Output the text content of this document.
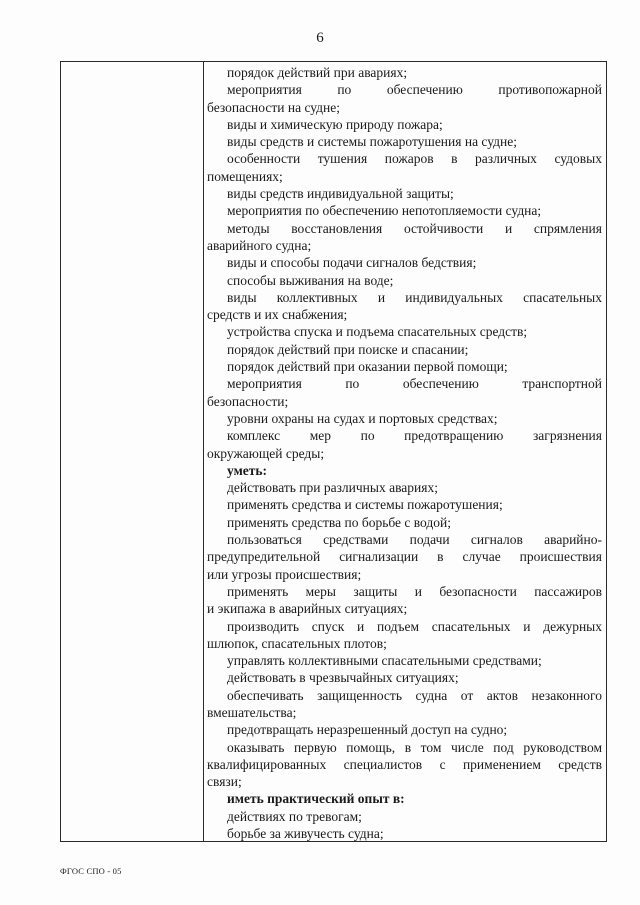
6
порядок действий при авариях;
мероприятия по обеспечению противопожарной
безопасности на судне;
виды и химическую природу пожара;
виды средств и системы пожаротушения на судне;
особенности тушения пожаров в различных судовых
помещениях;
виды средств индивидуальной защиты;
мероприятия по обеспечению непотопляемости судна;
методы восстановления остойчивости и спрямления
аварийного судна;
виды и способы подачи сигналов бедствия;
способы выживания на воде;
виды коллективных и индивидуальных спасательных
средств и их снабжения;
устройства спуска и подъема спасательных средств;
порядок действий при поиске и спасании;
порядок действий при оказании первой помощи;
мероприятия по обеспечению транспортной
безопасности;
уровни охраны на судах и портовых средствах;
комплекс мер по предотвращению загрязнения
окружающей среды;
уметь:
действовать при различных авариях;
применять средства и системы пожаротушения;
применять средства по борьбе с водой;
пользоваться средствами подачи сигналов аварийно-
предупредительной сигнализации в случае происшествия
или угрозы происшествия;
применять меры защиты и безопасности пассажиров
и экипажа в аварийных ситуациях;
производить спуск и подъем спасательных и дежурных
шлюпок, спасательных плотов;
управлять коллективными спасательными средствами;
действовать в чрезвычайных ситуациях;
обеспечивать защищенность судна от актов незаконного
вмешательства;
предотвращать неразрешенный доступ на судно;
оказывать первую помощь, в том числе под руководством
квалифицированных специалистов с применением средств
связи;
иметь практический опыт в:
действиях по тревогам;
борьбе за живучесть судна;
ФГОС СПО - 05
